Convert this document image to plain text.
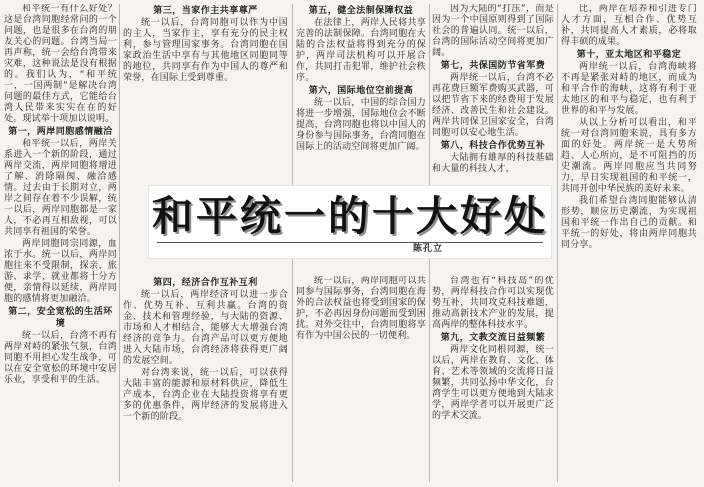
和平统一有什么好处？这是台湾同胞经常问的一个问题，也是很多在台湾的朋友关心的问题。台湾当局一再声称，统一会给台湾带来灾难，这种说法是没有根据的。我们认为，“和平统一，一国两制”是解决台湾问题的最佳方式，它能给台湾人民带来实实在在的好处。现试举十项加以说明。

第一，两岸同胞感情融洽

和平统一以后，两岸关系进入一个新的阶段，通过两岸交流，两岸同胞将增进了解、消除隔阂、融洽感情。过去由于长期对立，两岸之间存在着不少误解，统一以后，两岸同胞都是一家人，不必再互相敌视，可以共同享有祖国的荣誉。

两岸同胞同宗同源，血浓于水。统一以后，两岸同胞往来不受限制，探亲、旅游、求学、就业都将十分方便，亲情得以延续，两岸同胞的感情将更加融洽。

第二，安全宽松的生活环境

统一以后，台湾不再有两岸对峙的紧张气氛，台湾同胞不用担心发生战争，可以在安全宽松的环境中安居乐业，享受和平的生活。

第三，当家作主共享尊严

统一以后，台湾同胞可以作为中国的主人，当家作主，享有充分的民主权利，参与管理国家事务。台湾同胞在国家政治生活中享有与其他地区同胞同等的地位，共同享有作为中国人的尊严和荣誉，在国际上受到尊重。

第四，经济合作互补互利

统一以后，两岸经济可以进一步合作、优势互补、互利共赢。台湾的资金、技术和管理经验，与大陆的资源、市场和人才相结合，能够大大增强台湾经济的竞争力。台湾产品可以更方便地进入大陆市场，台湾经济将获得更广阔的发展空间。

对台湾来说，统一以后，可以获得大陆丰富的能源和原材料供应，降低生产成本，台湾企业在大陆投资将享有更多的优惠条件，两岸经济的发展将进入一个新的阶段。

第五，健全法制保障权益

在法律上，两岸人民将共享完善的法制保障。台湾同胞在大陆的合法权益将得到充分的保护，两岸司法机构可以开展合作，共同打击犯罪，维护社会秩序。

第六，国际地位空前提高

统一以后，中国的综合国力将进一步增强，国际地位会不断提高，台湾同胞也将以中国人的身份参与国际事务，台湾同胞在国际上的活动空间将更加广阔。

统一以后，两岸同胞可以共同参与国际事务，台湾同胞在海外的合法权益也将受到国家的保护，不必再因身份问题而受到困扰。对外交往中，台湾同胞将享有作为中国公民的一切便利。

因为大陆的“打压”，而是因为一个中国原则得到了国际社会的普遍认同。统一以后，台湾的国际活动空间将更加广阔。

第七，共保国防节省军费

两岸统一以后，台湾不必再花费巨额军费购买武器，可以把节省下来的经费用于发展经济、改善民生和社会建设。两岸共同保卫国家安全，台湾同胞可以安心地生活。

第八，科技合作优势互补

大陆拥有雄厚的科技基础和大量的科技人才，

台湾也有“科技岛”的优势，两岸科技合作可以实现优势互补，共同攻克科技难题，推动高新技术产业的发展，提高两岸的整体科技水平。

第九，文教交流日益频繁

两岸文化同根同源，统一以后，两岸在教育、文化、体育、艺术等领域的交流将日益频繁，共同弘扬中华文化，台湾学生可以更方便地到大陆求学，两岸学者可以开展更广泛的学术交流。

比，两岸在培养和引进专门人才方面，互相合作、优势互补，共同提高人才素质，必将取得丰硕的成果。

第十，亚太地区和平稳定

两岸统一以后，台湾海峡将不再是紧张对峙的地区，而成为和平合作的海峡，这将有利于亚太地区的和平与稳定，也有利于世界的和平与发展。

从以上分析可以看出，和平统一对台湾同胞来说，具有多方面的好处。两岸统一是大势所趋、人心所向，是不可阻挡的历史潮流。两岸同胞应当共同努力，早日实现祖国的和平统一，共同开创中华民族的美好未来。

我们希望台湾同胞能够认清形势，顺应历史潮流，为实现祖国和平统一作出自己的贡献。和平统一的好处，将由两岸同胞共同分享。

和平统一的十大好处
陈孔立
